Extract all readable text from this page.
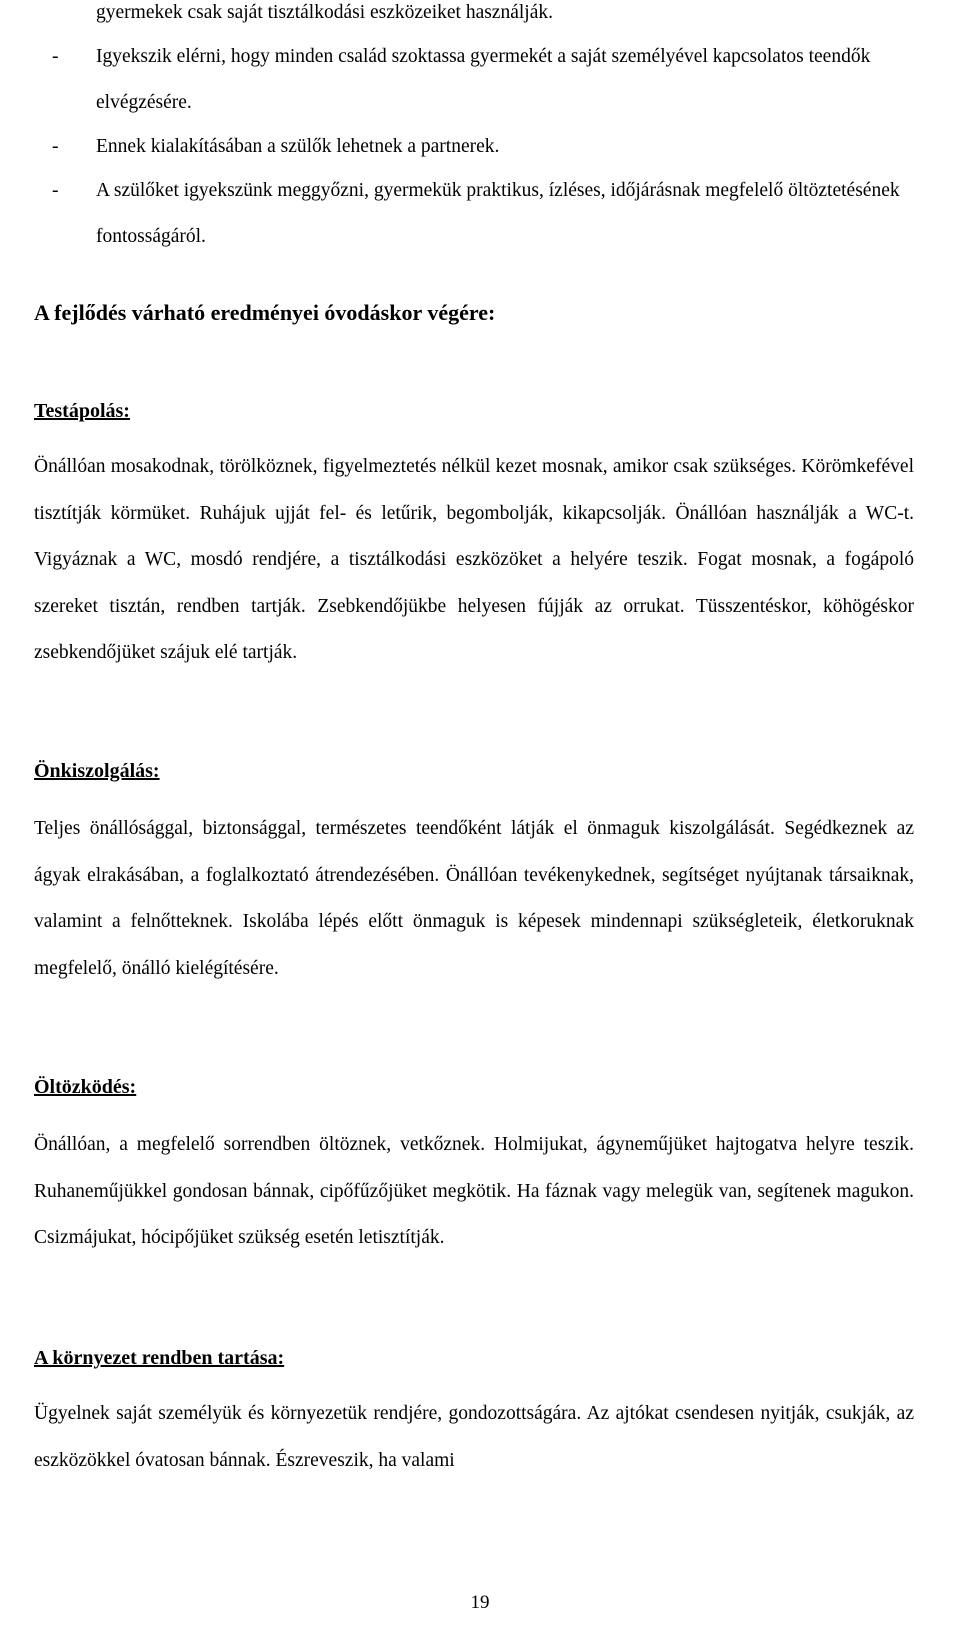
gyermekek csak saját tisztálkodási eszközeiket használják.
-	Igyekszik elérni, hogy minden család szoktassa gyermekét a saját személyével kapcsolatos teendők elvégzésére.
-	Ennek kialakításában a szülők lehetnek a partnerek.
-	A szülőket igyekszünk meggyőzni, gyermekük praktikus, ízléses, időjárásnak megfelelő öltöztetésének fontosságáról.
A fejlődés várható eredményei óvodáskor végére:
Testápolás:

Önállóan mosakodnak, törölköznek, figyelmeztetés nélkül kezet mosnak, amikor csak szükséges. Körömkefével tisztítják körmüket. Ruhájuk ujját fel- és letűrik, begombolják, kikapcsolják. Önállóan használják a WC-t. Vigyáznak a WC, mosdó rendjére, a tisztálkodási eszközöket a helyére teszik. Fogat mosnak, a fogápoló szereket tisztán, rendben tartják. Zsebkendőjükbe helyesen fújják az orrukat. Tüsszentéskor, köhögéskor zsebkendőjüket szájuk elé tartják.

Önkiszolgálás:

Teljes önállósággal, biztonsággal, természetes teendőként látják el önmaguk kiszolgálását. Segédkeznek az ágyak elrakásában, a foglalkoztató átrendezésében. Önállóan tevékenykednek, segítséget nyújtanak társaiknak, valamint a felnőtteknek. Iskolába lépés előtt önmaguk is képesek mindennapi szükségleteik, életkoruknak megfelelő, önálló kielégítésére.

Öltözködés:

Önállóan, a megfelelő sorrendben öltöznek, vetkőznek. Holmijukat, ágyneműjüket hajtogatva helyre teszik. Ruhaneműjükkel gondosan bánnak, cipőfűzőjüket megkötik. Ha fáznak vagy melegük van, segítenek magukon. Csizmájukat, hócipőjüket szükség esetén letisztítják.

A környezet rendben tartása:

Ügyelnek saját személyük és környezetük rendjére, gondozottságára. Az ajtókat csendesen nyitják, csukják, az eszközökkel óvatosan bánnak. Észreveszik, ha valami

19
